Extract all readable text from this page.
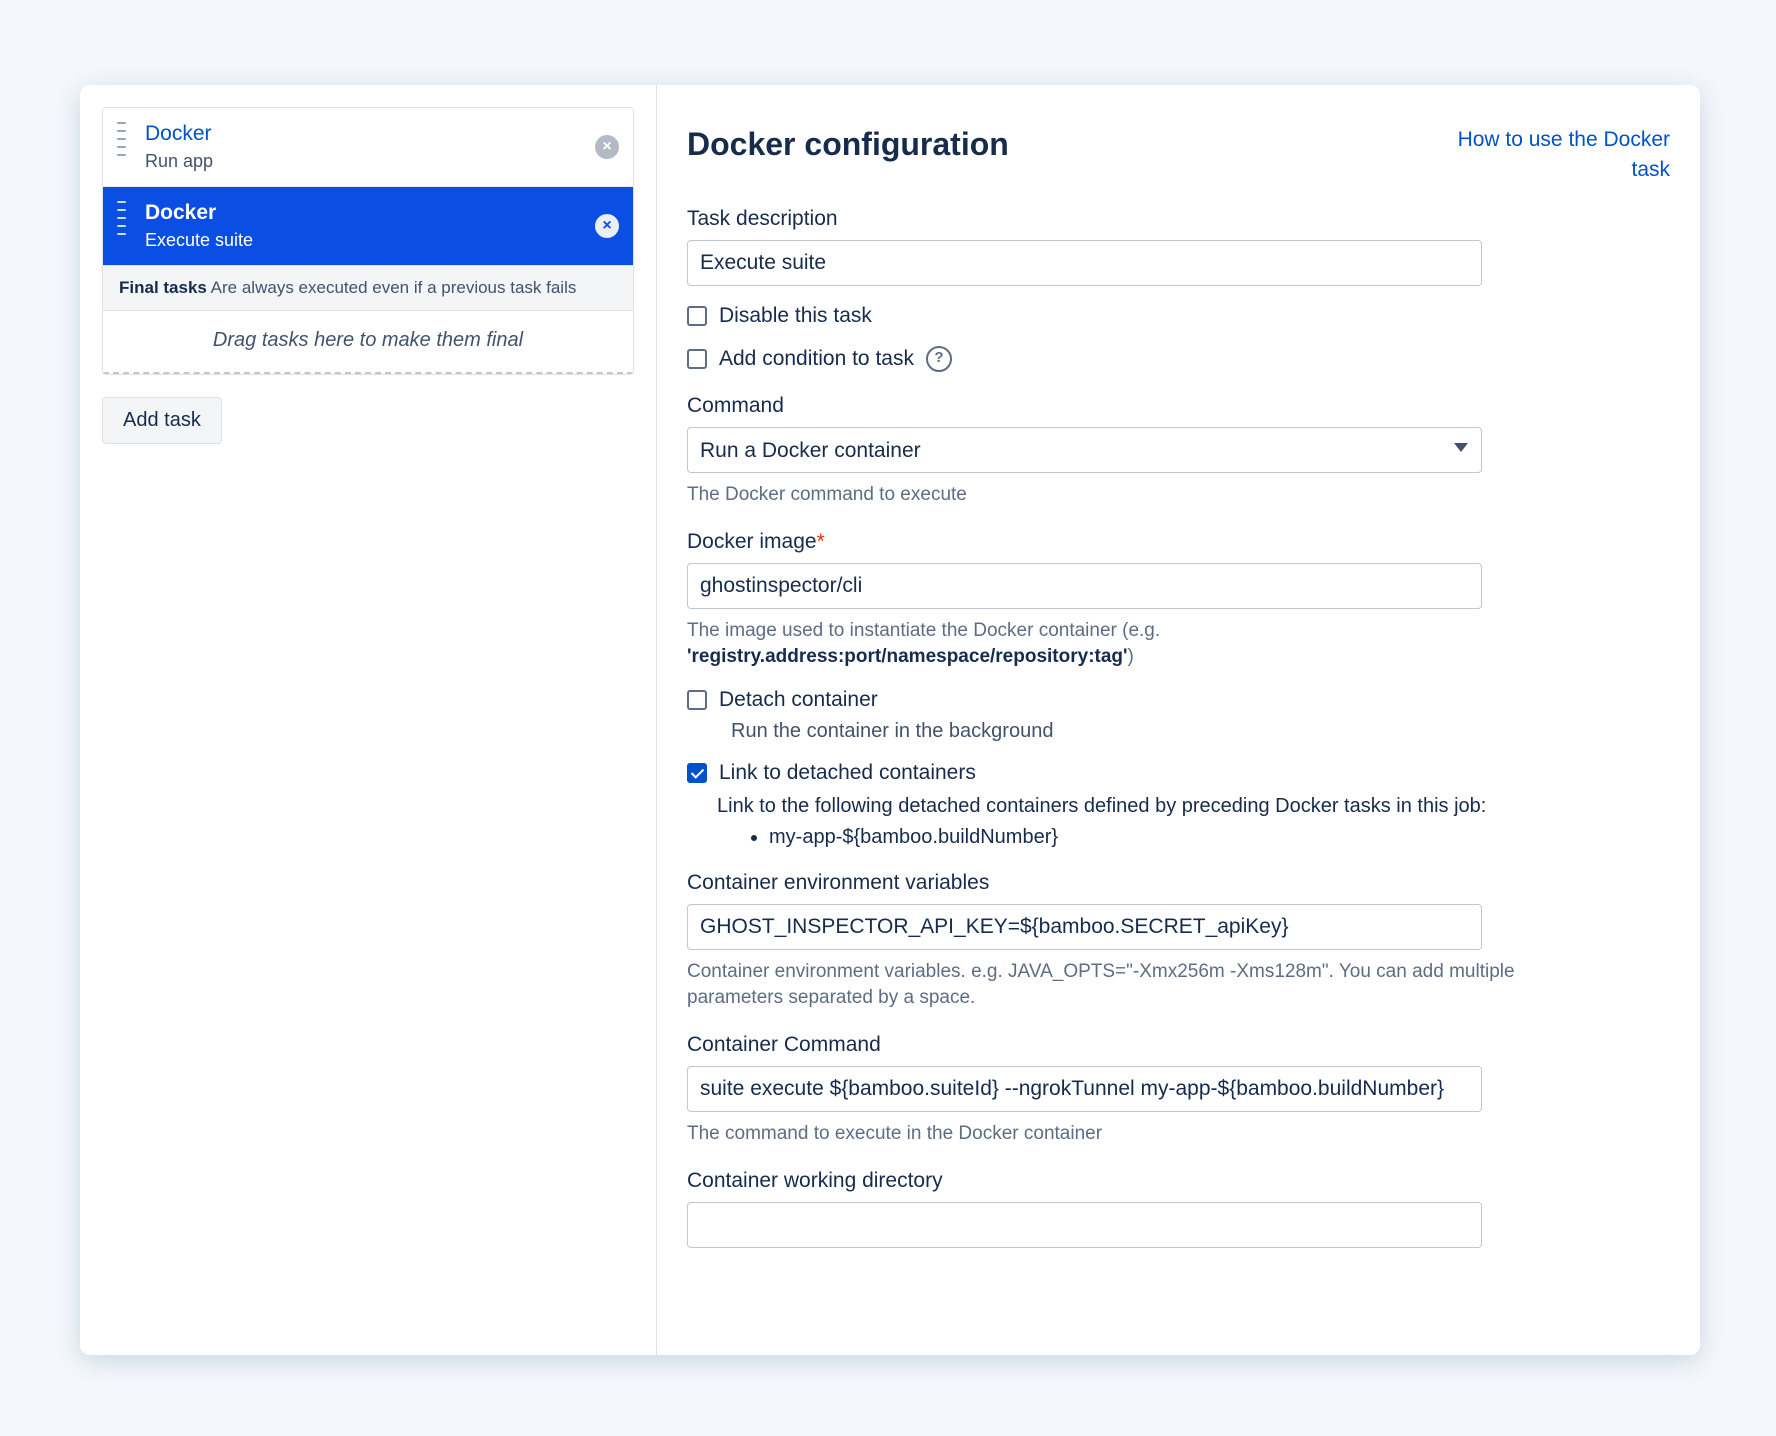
Docker
Run app
×
Docker
Execute suite
×
Final tasks Are always executed even if a previous task fails
Drag tasks here to make them final
Add task
Docker configuration	How to use the Docker task
Task description
Execute suite
Disable this task
Add condition to task	?
Command
Run a Docker container
The Docker command to execute
Docker image*
ghostinspector/cli
The image used to instantiate the Docker container (e.g.
'registry.address:port/namespace/repository:tag')
Detach container
Run the container in the background
Link to detached containers
Link to the following detached containers defined by preceding Docker tasks in this job:
• my-app-${bamboo.buildNumber}
Container environment variables
GHOST_INSPECTOR_API_KEY=${bamboo.SECRET_apiKey}
Container environment variables. e.g. JAVA_OPTS="-Xmx256m -Xms128m". You can add multiple parameters separated by a space.
Container Command
suite execute ${bamboo.suiteId} --ngrokTunnel my-app-${bamboo.buildNumber}
The command to execute in the Docker container
Container working directory
